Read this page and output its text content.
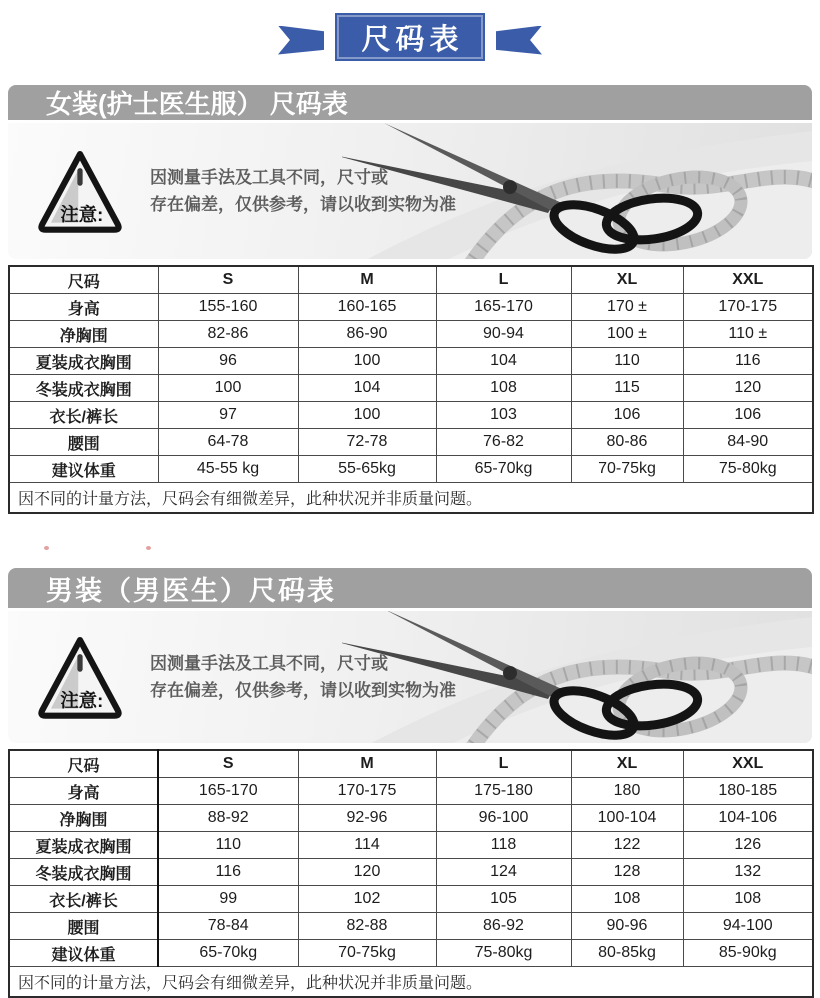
尺码表
女装(护士医生服） 尺码表
注意:
因测量手法及工具不同，尺寸或
存在偏差，仅供参考，请以收到实物为准
尺码	S	M	L	XL	XXL
身高	155-160	160-165	165-170	170 ±	170-175
净胸围	82-86	86-90	90-94	100 ±	110 ±
夏装成衣胸围	96	100	104	110	116
冬装成衣胸围	100	104	108	115	120
衣长/裤长	97	100	103	106	106
腰围	64-78	72-78	76-82	80-86	84-90
建议体重	45-55 kg	55-65kg	65-70kg	70-75kg	75-80kg
因不同的计量方法，尺码会有细微差异，此种状况并非质量问题。					
男装（男医生）尺码表
注意:
因测量手法及工具不同，尺寸或
存在偏差，仅供参考，请以收到实物为准
尺码	S	M	L	XL	XXL
身高	165-170	170-175	175-180	180	180-185
净胸围	88-92	92-96	96-100	100-104	104-106
夏装成衣胸围	110	114	118	122	126
冬装成衣胸围	116	120	124	128	132
衣长/裤长	99	102	105	108	108
腰围	78-84	82-88	86-92	90-96	94-100
建议体重	65-70kg	70-75kg	75-80kg	80-85kg	85-90kg
因不同的计量方法，尺码会有细微差异，此种状况并非质量问题。					
